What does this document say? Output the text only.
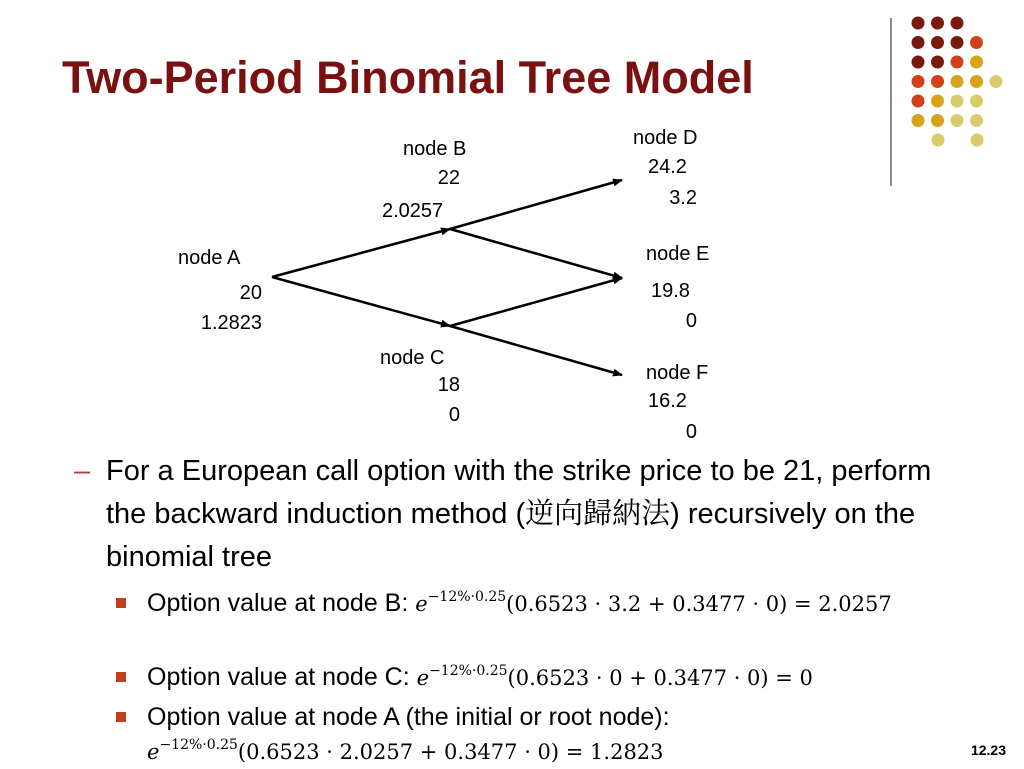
Two-Period Binomial Tree Model
node A
20
1.2823
node B
22
2.0257
node C
18
0
node D
24.2
3.2
node E
19.8
0
node F
16.2
0
– For a European call option with the strike price to be 21, perform the backward induction method (逆向歸納法) recursively on the binomial tree
Option value at node B: $e^{-12\%\cdot 0.25}(0.6523 \cdot 3.2 + 0.3477 \cdot 0) = 2.0257$
Option value at node C: $e^{-12\%\cdot 0.25}(0.6523 \cdot 0 + 0.3477 \cdot 0) = 0$
Option value at node A (the initial or root node):
$e^{-12\%\cdot 0.25}(0.6523 \cdot 2.0257 + 0.3477 \cdot 0) = 1.2823$	12.23
